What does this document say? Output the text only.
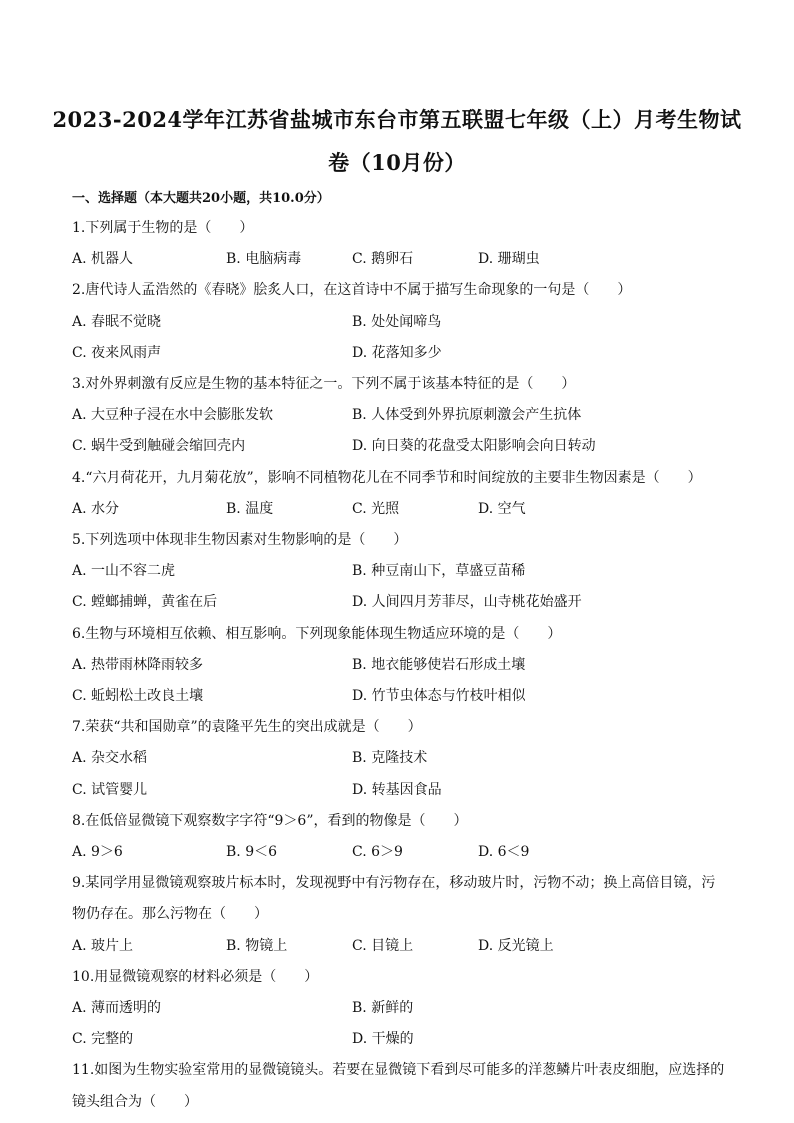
2023-2024学年江苏省盐城市东台市第五联盟七年级（上）月考生物试
卷（10月份）
一、选择题（本大题共20小题，共10.0分）
1.下列属于生物的是（　　）
A. 机器人	B. 电脑病毒	C. 鹅卵石	D. 珊瑚虫
2.唐代诗人孟浩然的《春晓》脍炙人口，在这首诗中不属于描写生命现象的一句是（　　）
A. 春眠不觉晓	B. 处处闻啼鸟
C. 夜来风雨声	D. 花落知多少
3.对外界刺激有反应是生物的基本特征之一。下列不属于该基本特征的是（　　）
A. 大豆种子浸在水中会膨胀发软	B. 人体受到外界抗原刺激会产生抗体
C. 蜗牛受到触碰会缩回壳内	D. 向日葵的花盘受太阳影响会向日转动
4.“六月荷花开，九月菊花放”，影响不同植物花儿在不同季节和时间绽放的主要非生物因素是（　　）
A. 水分	B. 温度	C. 光照	D. 空气
5.下列选项中体现非生物因素对生物影响的是（　　）
A. 一山不容二虎	B. 种豆南山下，草盛豆苗稀
C. 螳螂捕蝉，黄雀在后	D. 人间四月芳菲尽，山寺桃花始盛开
6.生物与环境相互依赖、相互影响。下列现象能体现生物适应环境的是（　　）
A. 热带雨林降雨较多	B. 地衣能够使岩石形成土壤
C. 蚯蚓松土改良土壤	D. 竹节虫体态与竹枝叶相似
7.荣获“共和国勋章”的袁隆平先生的突出成就是（　　）
A. 杂交水稻	B. 克隆技术
C. 试管婴儿	D. 转基因食品
8.在低倍显微镜下观察数字字符“9＞6”，看到的物像是（　　）
A. 9＞6	B. 9＜6	C. 6＞9	D. 6＜9
9.某同学用显微镜观察玻片标本时，发现视野中有污物存在，移动玻片时，污物不动；换上高倍目镜，污
物仍存在。那么污物在（　　）
A. 玻片上	B. 物镜上	C. 目镜上	D. 反光镜上
10.用显微镜观察的材料必须是（　　）
A. 薄而透明的	B. 新鲜的
C. 完整的	D. 干燥的
11.如图为生物实验室常用的显微镜镜头。若要在显微镜下看到尽可能多的洋葱鳞片叶表皮细胞，应选择的
镜头组合为（　　）
